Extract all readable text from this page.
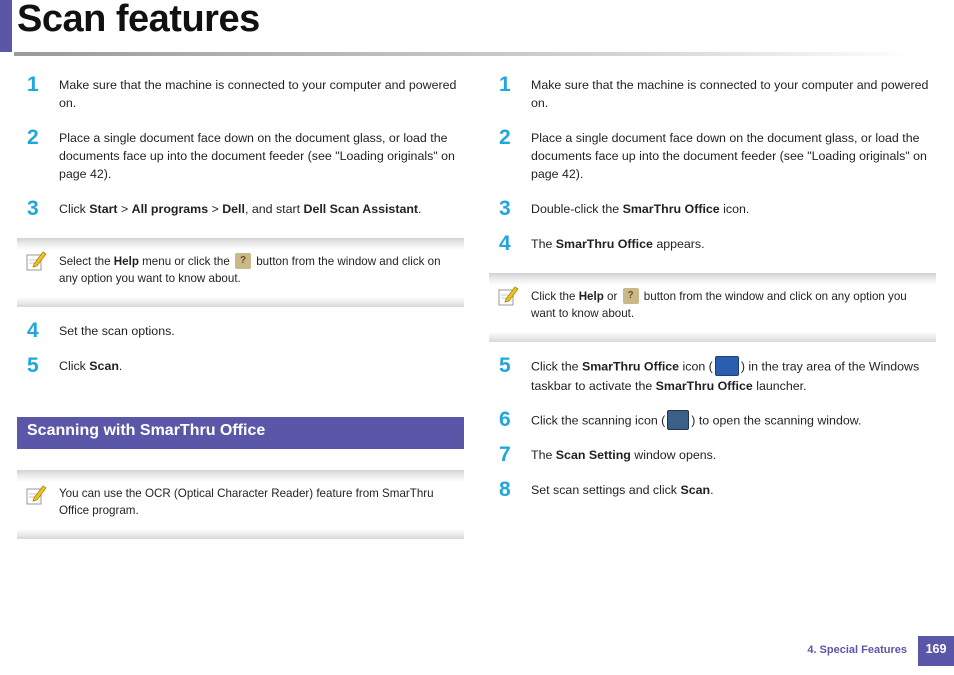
Scan features
1 Make sure that the machine is connected to your computer and powered on.
2 Place a single document face down on the document glass, or load the documents face up into the document feeder (see "Loading originals" on page 42).
3 Click Start > All programs > Dell, and start Dell Scan Assistant.
Select the Help menu or click the ? button from the window and click on any option you want to know about.
4 Set the scan options.
5 Click Scan.
Scanning with SmarThru Office
You can use the OCR (Optical Character Reader) feature from SmarThru Office program.
1 Make sure that the machine is connected to your computer and powered on.
2 Place a single document face down on the document glass, or load the documents face up into the document feeder (see "Loading originals" on page 42).
3 Double-click the SmarThru Office icon.
4 The SmarThru Office appears.
Click the Help or ? button from the window and click on any option you want to know about.
5 Click the SmarThru Office icon ( ) in the tray area of the Windows taskbar to activate the SmarThru Office launcher.
6 Click the scanning icon ( ) to open the scanning window.
7 The Scan Setting window opens.
8 Set scan settings and click Scan.
4. Special Features	169
